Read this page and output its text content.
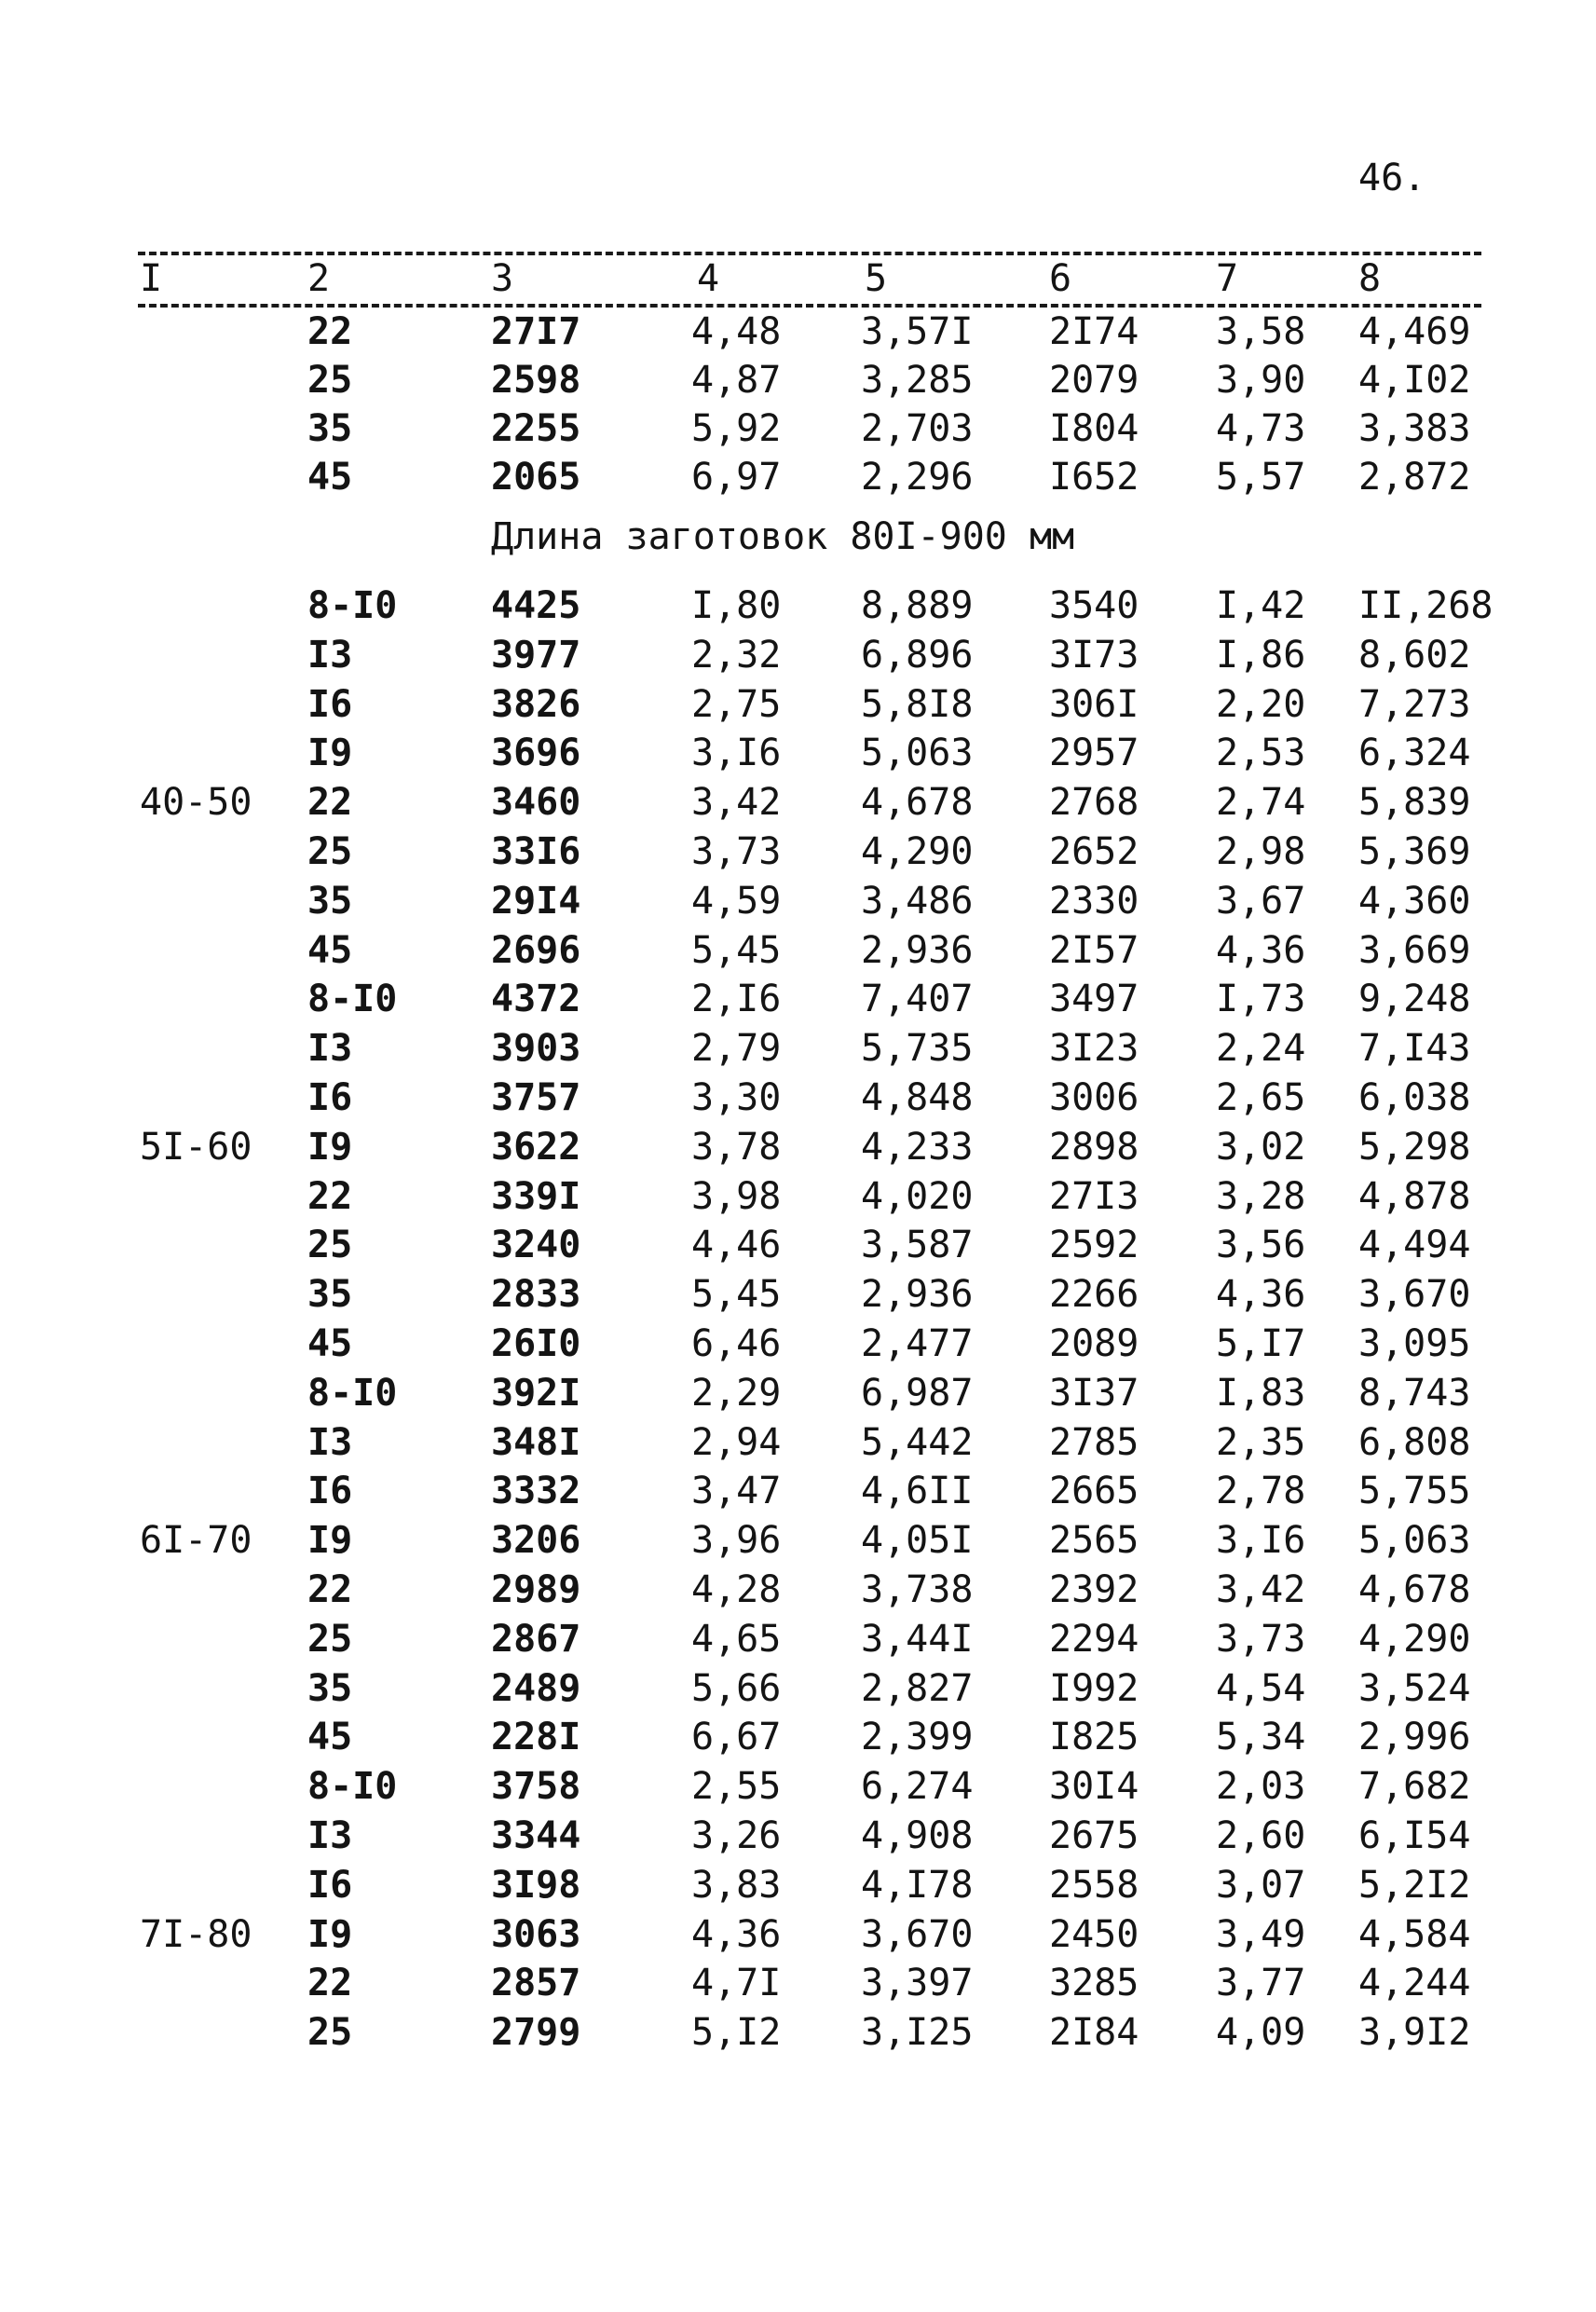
46.
I	2	3	4	5	6	7	8
22	27I7	4,48 3,57I 2I74 3,58 4,469
25	2598	4,87 3,285 2079 3,90 4,I02
35	2255	5,92 2,703 I804 4,73 3,383
45	2065	6,97 2,296 I652 5,57 2,872
Длина заготовок 80I-900 мм
8-I0	4425	I,80 8,889 3540 I,42 II,268
I3	3977	2,32 6,896 3I73 I,86 8,602
I6	3826	2,75 5,8I8 306I 2,20 7,273
I9	3696	3,I6 5,063 2957 2,53 6,324
40-50 22	3460	3,42 4,678 2768 2,74 5,839
25	33I6	3,73 4,290 2652 2,98 5,369
35	29I4	4,59 3,486 2330 3,67 4,360
45	2696	5,45 2,936 2I57 4,36 3,669
8-I0	4372	2,I6 7,407 3497 I,73 9,248
I3	3903	2,79 5,735 3I23 2,24 7,I43
I6	3757	3,30 4,848 3006 2,65 6,038
5I-60 I9	3622	3,78 4,233 2898 3,02 5,298
22	339I	3,98 4,020 27I3 3,28 4,878
25	3240	4,46 3,587 2592 3,56 4,494
35	2833	5,45 2,936 2266 4,36 3,670
45	26I0	6,46 2,477 2089 5,I7 3,095
8-I0	392I	2,29 6,987 3I37 I,83 8,743
I3	348I	2,94 5,442 2785 2,35 6,808
I6	3332	3,47 4,6II 2665 2,78 5,755
6I-70 I9	3206	3,96 4,05I 2565 3,I6 5,063
22	2989	4,28 3,738 2392 3,42 4,678
25	2867	4,65 3,44I 2294 3,73 4,290
35	2489	5,66 2,827 I992 4,54 3,524
45	228I	6,67 2,399 I825 5,34 2,996
8-I0	3758	2,55 6,274 30I4 2,03 7,682
I3	3344	3,26 4,908 2675 2,60 6,I54
I6	3I98	3,83 4,I78 2558 3,07 5,2I2
7I-80 I9	3063	4,36 3,670 2450 3,49 4,584
22	2857	4,7I 3,397 3285 3,77 4,244
25	2799	5,I2 3,I25 2I84 4,09 3,9I2
